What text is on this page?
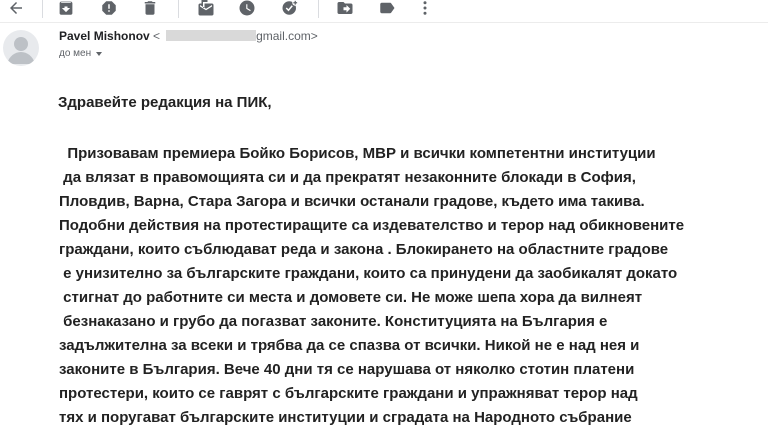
Pavel Mishonov <	gmail.com>
до мен
Здравейте редакция на ПИК,
Призовавам премиера Бойко Борисов, МВР и всички компетентни институции
да влязат в правомощията си и да прекратят незаконните блокади в София,
Пловдив, Варна, Стара Загора и всички останали градове, където има такива.
Подобни действия на протестиращите са издевателство и терор над обикновените
граждани, които съблюдават реда и закона . Блокирането на областните градове
е унизително за българските граждани, които са принудени да заобикалят докато
стигнат до работните си места и домовете си. Не може шепа хора да вилнеят
безнаказано и грубо да погазват законите. Конституцията на България е
задължителна за всеки и трябва да се спазва от всички. Никой не е над нея и
законите в България. Вече 40 дни тя се нарушава от няколко стотин платени
протестери, които се гаврят с българските граждани и упражняват терор над
тях и поругават българските институции и сградата на Народното събрание
